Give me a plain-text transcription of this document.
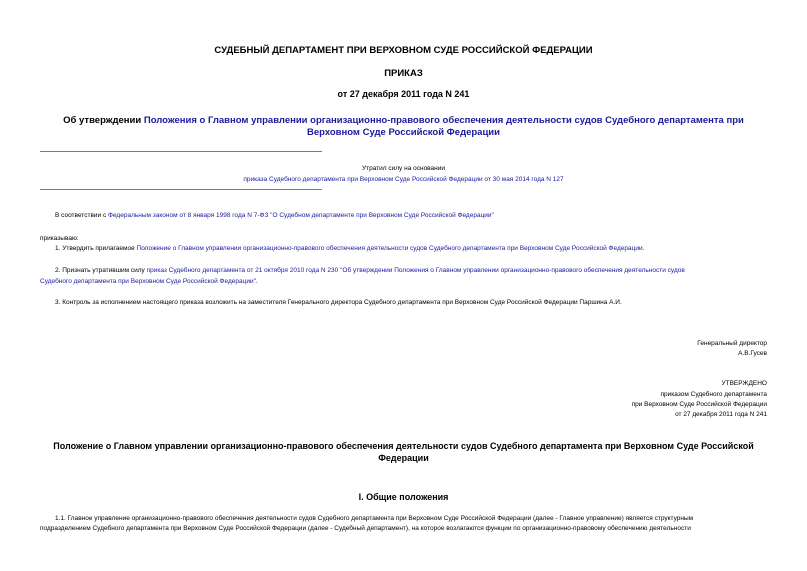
СУДЕБНЫЙ ДЕПАРТАМЕНТ ПРИ ВЕРХОВНОМ СУДЕ РОССИЙСКОЙ ФЕДЕРАЦИИ
ПРИКАЗ
от 27 декабря 2011 года N 241
Об утверждении Положения о Главном управлении организационно-правового обеспечения деятельности судов Судебного департамента при Верховном Суде Российской Федерации
Утратил силу на основании
приказа Судебного департамента при Верховном Суде Российской Федерации от 30 мая 2014 года N 127
В соответствии с Федеральным законом от 8 января 1998 года N 7-ФЗ "О Судебном департаменте при Верховном Суде Российской Федерации"
приказываю:
1. Утвердить прилагаемое Положение о Главном управлении организационно-правового обеспечения деятельности судов Судебного департамента при Верховном Суде Российской Федерации.
2. Признать утратившим силу приказ Судебного департамента от 21 октября 2010 года N 230 "Об утверждении Положения о Главном управлении организационно-правового обеспечения деятельности судов
Судебного департамента при Верховном Суде Российской Федерации".
3. Контроль за исполнением настоящего приказа возложить на заместителя Генерального директора Судебного департамента при Верховном Суде Российской Федерации Паршина А.И.
Генеральный директор
А.В.Гусев
УТВЕРЖДЕНО
приказом Судебного департамента
при Верховном Суде Российской Федерации
от 27 декабря 2011 года N 241
Положение о Главном управлении организационно-правового обеспечения деятельности судов Судебного департамента при Верховном Суде Российской Федерации
I. Общие положения
1.1. Главное управление организационно-правового обеспечения деятельности судов Судебного департамента при Верховном Суде Российской Федерации (далее - Главное управление) является структурным
подразделением Судебного департамента при Верховном Суде Российской Федерации (далее - Судебный департамент), на которое возлагаются функции по организационно-правовому обеспечению деятельности
